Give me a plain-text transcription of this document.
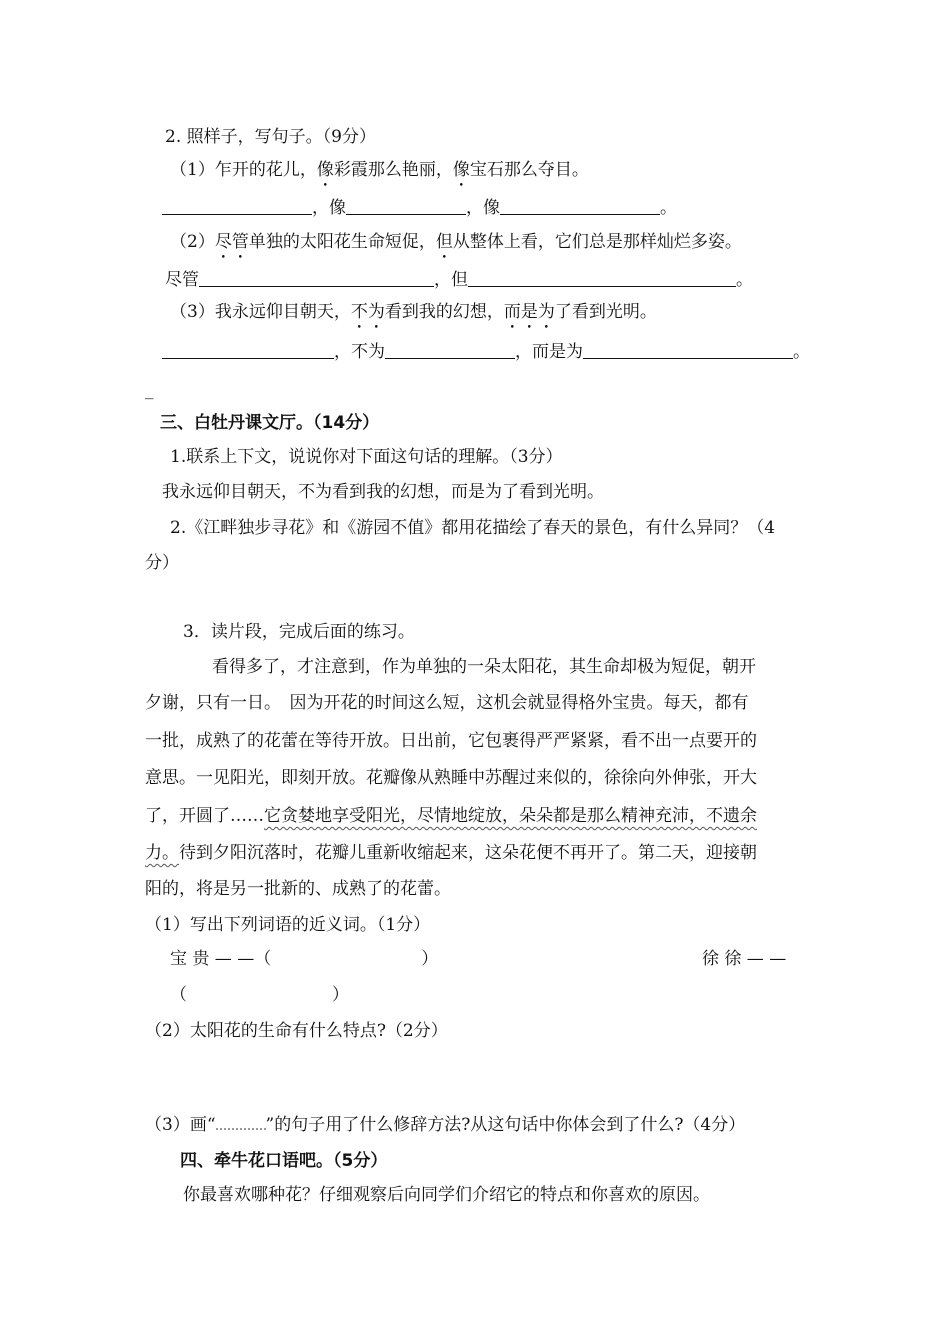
2. 照样子，写句子。（9分）
（1）乍开的花儿，像彩霞那么艳丽，像宝石那么夺目。
，像	，像	。
（2）尽管单独的太阳花生命短促，但从整体上看，它们总是那样灿烂多姿。
尽管	，但	。
（3）我永远仰目朝天，不为看到我的幻想，而是为了看到光明。
，不为	，而是为	。
_
三、白牡丹课文厅。（14分）
1.联系上下文，说说你对下面这句话的理解。（3分）
我永远仰目朝天，不为看到我的幻想，而是为了看到光明。
2.《江畔独步寻花》和《游园不值》都用花描绘了春天的景色，有什么异同？（4
分）
3．读片段，完成后面的练习。
看得多了，才注意到，作为单独的一朵太阳花，其生命却极为短促，朝开
夕谢，只有一日。　因为开花的时间这么短，这机会就显得格外宝贵。每天，都有
一批，成熟了的花蕾在等待开放。日出前，它包裹得严严紧紧，看不出一点要开的
意思。一见阳光，即刻开放。花瓣像从熟睡中苏醒过来似的，徐徐向外伸张，开大
了，开圆了……它贪婪地享受阳光，尽情地绽放，朵朵都是那么精神充沛，不遗余
力。待到夕阳沉落时，花瓣儿重新收缩起来，这朵花便不再开了。第二天，迎接朝
阳的，将是另一批新的、成熟了的花蕾。
（1）写出下列词语的近义词。（1分）
宝 贵 — —（	）	徐 徐 — —
（	）
（2）太阳花的生命有什么特点?（2分）
（3）画“	”的句子用了什么修辞方法?从这句话中你体会到了什么?（4分）
四、牵牛花口语吧。（5分）
你最喜欢哪种花？仔细观察后向同学们介绍它的特点和你喜欢的原因。
